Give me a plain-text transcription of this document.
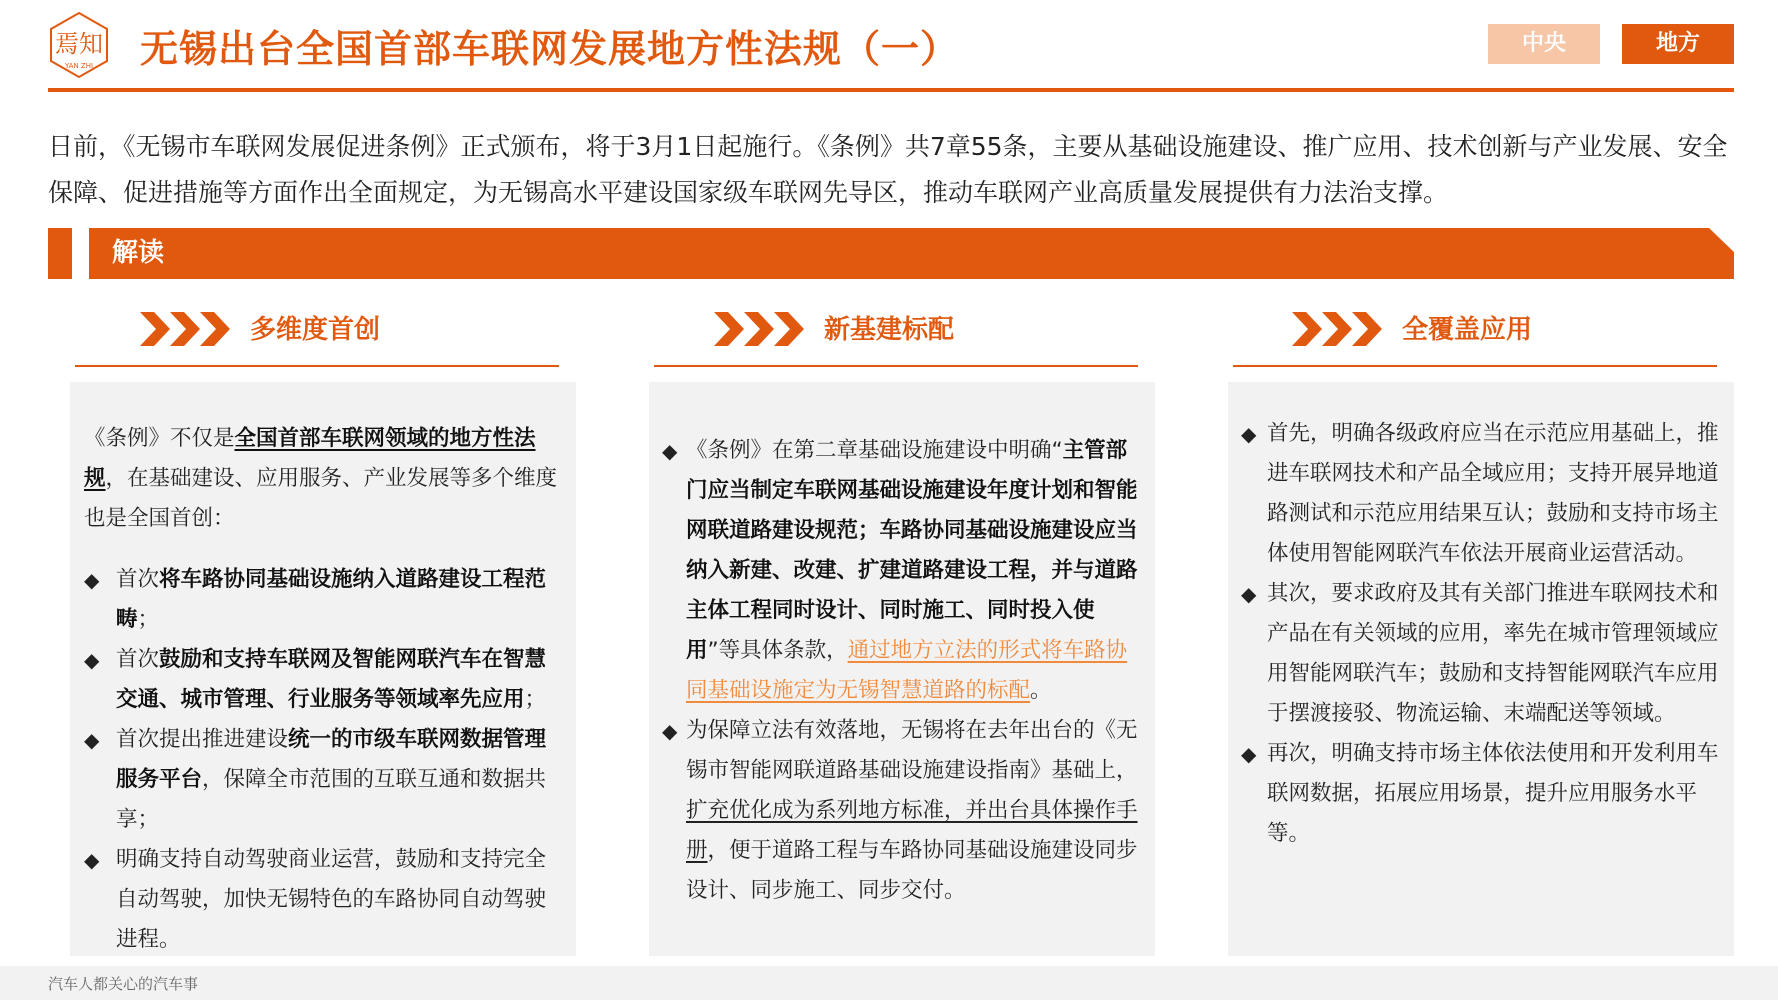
焉知
YAN ZHI 无锡出台全国首部车联网发展地方性法规（一）	中央	地方
日前，《无锡市车联网发展促进条例》正式颁布，将于3月1日起施行。《条例》共7章55条，主要从基础设施建设、推广应用、技术创新与产业发展、安全保障、促进措施等方面作出全面规定，为无锡高水平建设国家级车联网先导区，推动车联网产业高质量发展提供有力法治支撑。
解读
多维度首创	新基建标配	全覆盖应用

《条例》不仅是全国首部车联网领域的地方性法规，在基础建设、应用服务、产业发展等多个维度也是全国首创：

◆ 首次将车路协同基础设施纳入道路建设工程范畴；
◆ 首次鼓励和支持车联网及智能网联汽车在智慧交通、城市管理、行业服务等领域率先应用；
◆ 首次提出推进建设统一的市级车联网数据管理服务平台，保障全市范围的互联互通和数据共享；
◆ 明确支持自动驾驶商业运营，鼓励和支持完全自动驾驶，加快无锡特色的车路协同自动驾驶进程。
◆ 《条例》在第二章基础设施建设中明确“主管部门应当制定车联网基础设施建设年度计划和智能网联道路建设规范；车路协同基础设施建设应当纳入新建、改建、扩建道路建设工程，并与道路主体工程同时设计、同时施工、同时投入使用”等具体条款，通过地方立法的形式将车路协同基础设施定为无锡智慧道路的标配。
◆ 为保障立法有效落地，无锡将在去年出台的《无锡市智能网联道路基础设施建设指南》基础上，扩充优化成为系列地方标准，并出台具体操作手册，便于道路工程与车路协同基础设施建设同步设计、同步施工、同步交付。
◆ 首先，明确各级政府应当在示范应用基础上，推进车联网技术和产品全域应用；支持开展异地道路测试和示范应用结果互认；鼓励和支持市场主体使用智能网联汽车依法开展商业运营活动。
◆ 其次，要求政府及其有关部门推进车联网技术和产品在有关领域的应用，率先在城市管理领域应用智能网联汽车；鼓励和支持智能网联汽车应用于摆渡接驳、物流运输、末端配送等领域。
◆ 再次，明确支持市场主体依法使用和开发利用车联网数据，拓展应用场景，提升应用服务水平等。
汽车人都关心的汽车事
